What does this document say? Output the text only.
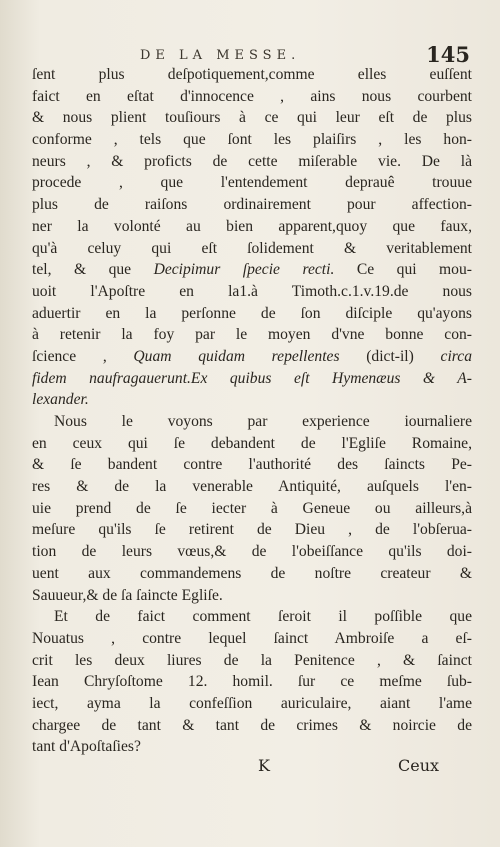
DE LA MESSE.	145
ſent plus deſpotiquement,comme elles euſſent
faict en eſtat d'innocence , ains nous courbent
& nous plient touſiours à ce qui leur eſt de plus
conforme , tels que ſont les plaiſirs , les hon-
neurs , & proficts de cette miſerable vie. De là
procede , que l'entendement deprauê trouue
plus de raiſons ordinairement pour affection-
ner la volonté au bien apparent,quoy que faux,
qu'à celuy qui eſt ſolidement & veritablement
tel, & que Decipimur ſpecie recti. Ce qui mou-
uoit l'Apoſtre en la1.à Timoth.c.1.v.19.de nous
aduertir en la perſonne de ſon diſciple qu'ayons
à retenir la foy par le moyen d'vne bonne con-
ſcience , Quam quidam repellentes (dict-il) circa
fidem naufragauerunt.Ex quibus eſt Hymenæus & A-
lexander.
Nous le voyons par experience iournaliere
en ceux qui ſe debandent de l'Egliſe Romaine,
& ſe bandent contre l'authorité des ſaincts Pe-
res & de la venerable Antiquité, auſquels l'en-
uie prend de ſe iecter à Geneue ou ailleurs,à
meſure qu'ils ſe retirent de Dieu , de l'obſerua-
tion de leurs vœus,& de l'obeiſſance qu'ils doi-
uent aux commandemens de noſtre createur &
Sauueur,& de ſa ſaincte Egliſe.
Et de faict comment ſeroit il poſſible que
Nouatus , contre lequel ſainct Ambroiſe a eſ-
crit les deux liures de la Penitence , & ſainct
Iean Chryſoſtome 12. homil. ſur ce meſme ſub-
iect, ayma la confeſſion auriculaire, aiant l'ame
chargee de tant & tant de crimes & noircie de
tant d'Apoſtaſies?
K	Ceux
